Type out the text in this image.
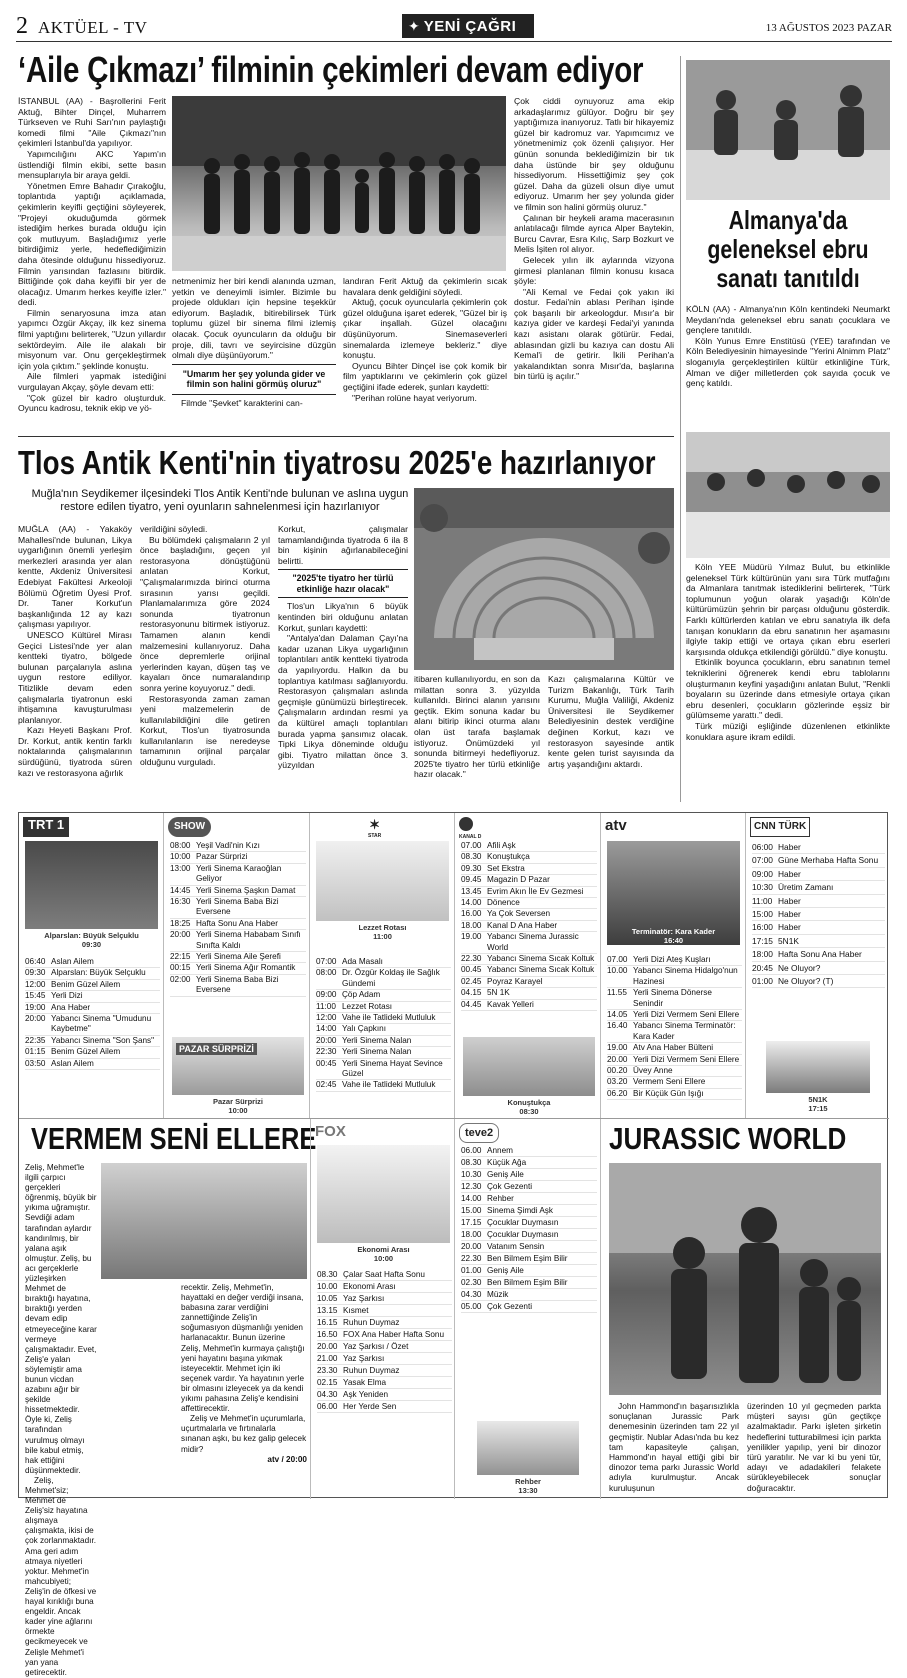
2 AKTÜEL - TV	✦ YENİ ÇAĞRI	13 AĞUSTOS 2023 PAZAR
‘Aile Çıkmazı’ filminin çekimleri devam ediyor

İSTANBUL (AA) - Başrollerini Ferit Aktuğ, Bihter Dinçel, Muharrem Türkseven ve Ruhi Sarı'nın paylaştığı komedi filmi "Aile Çıkmazı"nın çekimleri İstanbul'da yapılıyor.

Yapımcılığını AKC Yapım'ın üstlendiği filmin ekibi, sette basın mensuplarıyla bir araya geldi.

Yönetmen Emre Bahadır Çırakoğlu, toplantıda yaptığı açıklamada, çekimlerin keyifli geçtiğini söyleyerek, "Projeyi okuduğumda görmek istediğim herkes burada olduğu için çok mutluyum. Başladığımız yerle bitirdiğimiz yerle, hedeflediğimizin daha ötesinde olduğunu hissediyoruz. Filmin yarısından fazlasını bitirdik. Bittiğinde çok daha keyifli bir yer de olacağız. Umarım herkes keyifle izler." dedi.

Filmin senaryosuna imza atan yapımcı Özgür Akçay, ilk kez sinema filmi yaptığını belirterek, "Uzun yıllardır sektördeyim. Aile ile alakalı bir misyonum var. Onu gerçekleştirmek için yola çıktım." şeklinde konuştu.

Aile filmleri yapmak istediğini vurgulayan Akçay, şöyle devam etti:

"Çok güzel bir kadro oluşturduk. Oyuncu kadrosu, teknik ekip ve yö-

netmenimiz her biri kendi alanında uzman, yetkin ve deneyimli isimler. Bizimle bu projede oldukları için hepsine teşekkür ediyorum. Başladık, bitirebilirsek Türk toplumu güzel bir sinema filmi izlemiş olacak. Çocuk oyuncuların da olduğu bir proje, dili, tavrı ve seyircisine düzgün olmalı diye düşünüyorum."

"Umarım her şey yolunda gider ve filmin son halini görmüş oluruz"

Filmde "Şevket" karakterini can-

landıran Ferit Aktuğ da çekimlerin sıcak havalara denk geldiğini söyledi.

Aktuğ, çocuk oyuncularla çekimlerin çok güzel olduğuna işaret ederek, "Güzel bir iş çıkar inşallah. Güzel olacağını düşünüyorum. Sinemaseverleri sinemalarda izlemeye bekleriz." diye konuştu.

Oyuncu Bihter Dinçel ise çok komik bir film yaptıklarını ve çekimlerin çok güzel geçtiğini ifade ederek, şunları kaydetti:

"Perihan rolüne hayat veriyorum.

Çok ciddi oynuyoruz ama ekip arkadaşlarımız gülüyor. Doğru bir şey yaptığımıza inanıyoruz. Tatlı bir hikayemiz güzel bir kadromuz var. Yapımcımız ve yönetmenimiz çok özenli çalışıyor. Her günün sonunda beklediğimizin bir tık daha üstünde bir şey olduğunu hissediyorum. Hissettiğimiz şey çok güzel. Daha da güzeli olsun diye umut ediyoruz. Umarım her şey yolunda gider ve filmin son halini görmüş oluruz."

Çalınan bir heykeli arama macerasının anlatılacağı filmde ayrıca Alper Baytekin, Burcu Cavrar, Esra Kılıç, Sarp Bozkurt ve Melis İşiten rol alıyor.

Gelecek yılın ilk aylarında vizyona girmesi planlanan filmin konusu kısaca şöyle:

"Ali Kemal ve Fedai çok yakın iki dostur. Fedai'nin ablası Perihan işinde çok başarılı bir arkeologdur. Mısır'a bir kazıya gider ve kardeşi Fedai'yi yanında kazı asistanı olarak götürür. Fedai, ablasından gizli bu kazıya can dostu Ali Kemal'i de getirir. İkili Perihan'a yakalandıktan sonra Mısır'da, başlarına bin türlü iş açılır."

Tlos Antik Kenti'nin tiyatrosu 2025'e hazırlanıyor
Muğla'nın Seydikemer ilçesindeki Tlos Antik Kenti'nde bulunan ve aslına uygun restore edilen tiyatro, yeni oyunların sahnelenmesi için hazırlanıyor

MUĞLA (AA) - Yakaköy Mahallesi'nde bulunan, Likya uygarlığının önemli yerleşim merkezleri arasında yer alan kentte, Akdeniz Üniversitesi Edebiyat Fakültesi Arkeoloji Bölümü Öğretim Üyesi Prof. Dr. Taner Korkut'un başkanlığında 12 ay kazı çalışması yapılıyor.

UNESCO Kültürel Mirası Geçici Listesi'nde yer alan kentteki tiyatro, bölgede bulunan parçalarıyla aslına uygun restore ediliyor. Titizlikle devam eden çalışmalarla tiyatronun eski ihtişamına kavuşturulması planlanıyor.

Kazı Heyeti Başkanı Prof. Dr. Korkut, antik kentin farklı noktalarında çalışmalarının sürdüğünü, tiyatroda süren kazı ve restorasyona ağırlık

verildiğini söyledi.

Bu bölümdeki çalışmaların 2 yıl önce başladığını, geçen yıl restorasyona dönüştüğünü anlatan Korkut, "Çalışmalarımızda birinci oturma sırasının yarısı geçildi. Planlamalarımıza göre 2024 sonunda tiyatronun restorasyonunu bitirmek istiyoruz. Tamamen alanın kendi malzemesini kullanıyoruz. Daha önce depremlerle orijinal yerlerinden kayan, düşen taş ve kayaları önce numaralandırıp sonra yerine koyuyoruz." dedi.

Restorasyonda zaman zaman yeni malzemelerin de kullanılabildiğini dile getiren Korkut, Tlos'un tiyatrosunda kullanılanların ise neredeyse tamamının orijinal parçalar olduğunu vurguladı.

Korkut, çalışmalar tamamlandığında tiyatroda 6 ila 8 bin kişinin ağırlanabileceğini belirtti.

"2025'te tiyatro her türlü etkinliğe hazır olacak"

Tlos'un Likya'nın 6 büyük kentinden biri olduğunu anlatan Korkut, şunları kaydetti:

"Antalya'dan Dalaman Çayı'na kadar uzanan Likya uygarlığının toplantıları antik kentteki tiyatroda da yapılıyordu. Halkın da bu toplantıya katılması sağlanıyordu. Restorasyon çalışmaları aslında geçmişle günümüzü birleştirecek. Çalışmaların ardından resmi ya da kültürel amaçlı toplantıları burada yapma şansımız olacak. Tipki Likya döneminde olduğu gibi. Tiyatro milattan önce 3. yüzyıldan

itibaren kullanılıyordu, en son da milattan sonra 3. yüzyılda kullanıldı. Birinci alanın yarısını geçtik. Ekim sonuna kadar bu alanı bitirip ikinci oturma alanı olan üst tarafa başlamak istiyoruz. Önümüzdeki yıl sonunda bitirmeyi hedefliyoruz. 2025'te tiyatro her türlü etkinliğe hazır olacak."

Kazı çalışmalarına Kültür ve Turizm Bakanlığı, Türk Tarih Kurumu, Muğla Valiliği, Akdeniz Üniversitesi ile Seydikemer Belediyesinin destek verdiğine değinen Korkut, kazı ve restorasyon sayesinde antik kente gelen turist sayısında da artış yaşandığını aktardı.

Almanya'da
geleneksel ebru
sanatı tanıtıldı

KÖLN (AA) - Almanya'nın Köln kentindeki Neumarkt Meydanı'nda geleneksel ebru sanatı çocuklara ve gençlere tanıtıldı.

Köln Yunus Emre Enstitüsü (YEE) tarafından ve Köln Belediyesinin himayesinde "Yerini Alnimm Platz" sloganıyla gerçekleştirilen kültür etkinliğine Türk, Alman ve diğer milletlerden çok sayıda çocuk ve genç katıldı.

Köln YEE Müdürü Yılmaz Bulut, bu etkinlikle geleneksel Türk kültürünün yanı sıra Türk mutfağını da Almanlara tanıtmak istediklerini belirterek, "Türk toplumunun yoğun olarak yaşadığı Köln'de kültürümüzün şehrin bir parçası olduğunu gösterdik. Farklı kültürlerden katılan ve ebru sanatıyla ilk defa tanışan konukların da ebru sanatının her aşamasını ilgiyle takip ettiği ve ortaya çıkan ebru eserleri karşısında oldukça etkilendiği görüldü." diye konuştu.

Etkinlik boyunca çocukların, ebru sanatının temel tekniklerini öğrenerek kendi ebru tablolarını oluşturmanın keyfini yaşadığını anlatan Bulut, "Renkli boyaların su üzerinde dans etmesiyle ortaya çıkan ebru desenleri, çocukların gözlerinde eşsiz bir gülümseme yarattı." dedi.

Türk müziği eşliğinde düzenlenen etkinlikte konuklara aşure ikram edildi.

TRT 1
Alparslan: Büyük Selçuklu
09:30
06:40 Aslan Ailem
09:30 Alparslan: Büyük Selçuklu
12:00 Benim Güzel Ailem
15:45 Yerli Dizi
19:00 Ana Haber
20:00 Yabancı Sinema "Umudunu Kaybetme"
22:35 Yabancı Sinema "Son Şans"
01:15 Benim Güzel Ailem
03:50 Aslan Ailem
SHOW
08:00 Yeşil Vadi'nin Kızı
10:00 Pazar Sürprizi
13:00 Yerli Sinema Karaoğlan Geliyor
14:45 Yerli Sinema Şaşkın Damat
16:30 Yerli Sinema Baba Bizi Eversene
18:25 Hafta Sonu Ana Haber
20:00 Yerli Sinema Hababam Sınıfı Sınıfta Kaldı
22:15 Yerli Sinema Aile Şerefi
00:15 Yerli Sinema Ağır Romantik
02:00 Yerli Sinema Baba Bizi Eversene
PAZAR SÜRPRİZİ
Pazar Sürprizi
10:00
✶
STAR
Lezzet Rotası
11:00
07:00 Ada Masalı
08:00 Dr. Özgür Koldaş ile Sağlık Gündemi
09:00 Çöp Adam
11:00 Lezzet Rotası
12:00 Vahe ile Tatlideki Mutluluk
14:00 Yalı Çapkını
20:00 Yerli Sinema Nalan
22:30 Yerli Sinema Nalan
00:45 Yerli Sinema Hayat Sevince Güzel
02:45 Vahe ile Tatlideki Mutluluk
KANAL D
07.00 Afili Aşk
08.30 Konuştukça
09.30 Set Ekstra
09.45 Magazin D Pazar
13.45 Evrim Akın İle Ev Gezmesi
14.00 Dönence
16.00 Ya Çok Seversen
18.00 Kanal D Ana Haber
19.00 Yabancı Sinema Jurassic World
22.30 Yabancı Sinema Sıcak Koltuk
00.45 Yabancı Sinema Sıcak Koltuk
02.45 Poyraz Karayel
04.15 5N 1K
04.45 Kavak Yelleri
Konuştukça
08:30
atv
Terminatör: Kara Kader
16:40
07.00 Yerli Dizi Ateş Kuşları
10.00 Yabancı Sinema Hidalgo'nun Hazinesi
11.55 Yerli Sinema Dönerse Senindir
14.05 Yerli Dizi Vermem Seni Ellere
16.40 Yabancı Sinema Terminatör: Kara Kader
19.00 Atv Ana Haber Bülteni
20.00 Yerli Dizi Vermem Seni Ellere
00.20 Üvey Anne
03.20 Vermem Seni Ellere
06.20 Bir Küçük Gün Işığı
CNN TÜRK
06:00 Haber
07:00 Güne Merhaba Hafta Sonu
09:00 Haber
10:30 Üretim Zamanı
11:00 Haber
15:00 Haber
16:00 Haber
17:15 5N1K
18:00 Hafta Sonu Ana Haber
20:45 Ne Oluyor?
01:00 Ne Oluyor? (T)
5N1K
17:15
VERMEM SENİ ELLERE

Zeliş, Mehmet'le ilgili çarpıcı gerçekleri öğrenmiş, büyük bir yıkıma uğramıştır. Sevdiği adam tarafından aylardır kandırılmış, bir yalana aşık olmuştur. Zeliş, bu acı gerçeklerle yüzleşirken Mehmet de bıraktığı hayatına, bıraktığı yerden devam edip etmeyeceğine karar vermeye çalışmaktadır. Evet, Zeliş'e yalan söylemiştir ama bunun vicdan azabını ağır bir şekilde hissetmektedir. Öyle ki, Zeliş tarafından vurulmuş olmayı bile kabul etmiş, hak ettiğini düşünmektedir.

Zeliş, Mehmet'siz; Mehmet de Zeliş'siz hayatına alışmaya çalışmakta, ikisi de çok zorlanmaktadır. Ama geri adım atmaya niyetleri yoktur. Mehmet'in mahcubiyeti; Zeliş'in de öfkesi ve hayal kırıklığı buna engeldir. Ancak kader yine ağlarını örmekte gecikmeyecek ve Zelişle Mehmet'i yan yana getirecektir.

recektir. Zeliş, Mehmet'in, hayattaki en değer verdiği insana, babasına zarar verdiğini zannettiğinde Zeliş'in soğumasıyon düşmanlığı yeniden harlanacaktır. Bunun üzerine Zeliş, Mehmet'in kurmaya çalıştığı yeni hayatını başına yıkmak isteyecektir. Mehmet için iki seçenek vardır. Ya hayatının yerle bir olmasını izleyecek ya da kendi yıkımı pahasına Zeliş'e kendisini affettirecektir.

Zeliş ve Mehmet'in uçurumlarla, uçurtmalarla ve fırtınalarla sınanan aşkı, bu kez galip gelecek midir?

atv / 20:00
FOX
Ekonomi Arası
10:00
08.30 Çalar Saat Hafta Sonu
10.00 Ekonomi Arası
10.05 Yaz Şarkısı
13.15 Kısmet
16.15 Ruhun Duymaz
16.50 FOX Ana Haber Hafta Sonu
20.00 Yaz Şarkısı / Özet
21.00 Yaz Şarkısı
23.30 Ruhun Duymaz
02.15 Yasak Elma
04.30 Aşk Yeniden
06.00 Her Yerde Sen
teve2
06.00 Annem
08.30 Küçük Ağa
10.30 Geniş Aile
12.30 Çok Gezenti
14.00 Rehber
15.00 Sinema Şimdi Aşk
17.15 Çocuklar Duymasın
18.00 Çocuklar Duymasın
20.00 Vatanım Sensin
22.30 Ben Bilmem Eşim Bilir
01.00 Geniş Aile
02.30 Ben Bilmem Eşim Bilir
04.30 Müzik
05.00 Çok Gezenti
Rehber
13:30
JURASSIC WORLD

John Hammond'ın başarısızlıkla sonuçlanan Jurassic Park denemesinin üzerinden tam 22 yıl geçmiştir. Nublar Adası'nda bu kez tam kapasiteyle çalışan, Hammond'ın hayal ettiği gibi bir dinozor tema parkı Jurassic World adıyla kurulmuştur. Ancak kuruluşunun

üzerinden 10 yıl geçmeden parkta müşteri sayısı gün geçtikçe azalmaktadır. Parkı işleten şirketin hedeflerini tutturabilmesi için parkta yenilikler yapılıp, yeni bir dinozor türü yaratılır. Ne var ki bu yeni tür, adayı ve adadakileri felakete sürükleyebilecek sonuçlar doğuracaktır.
